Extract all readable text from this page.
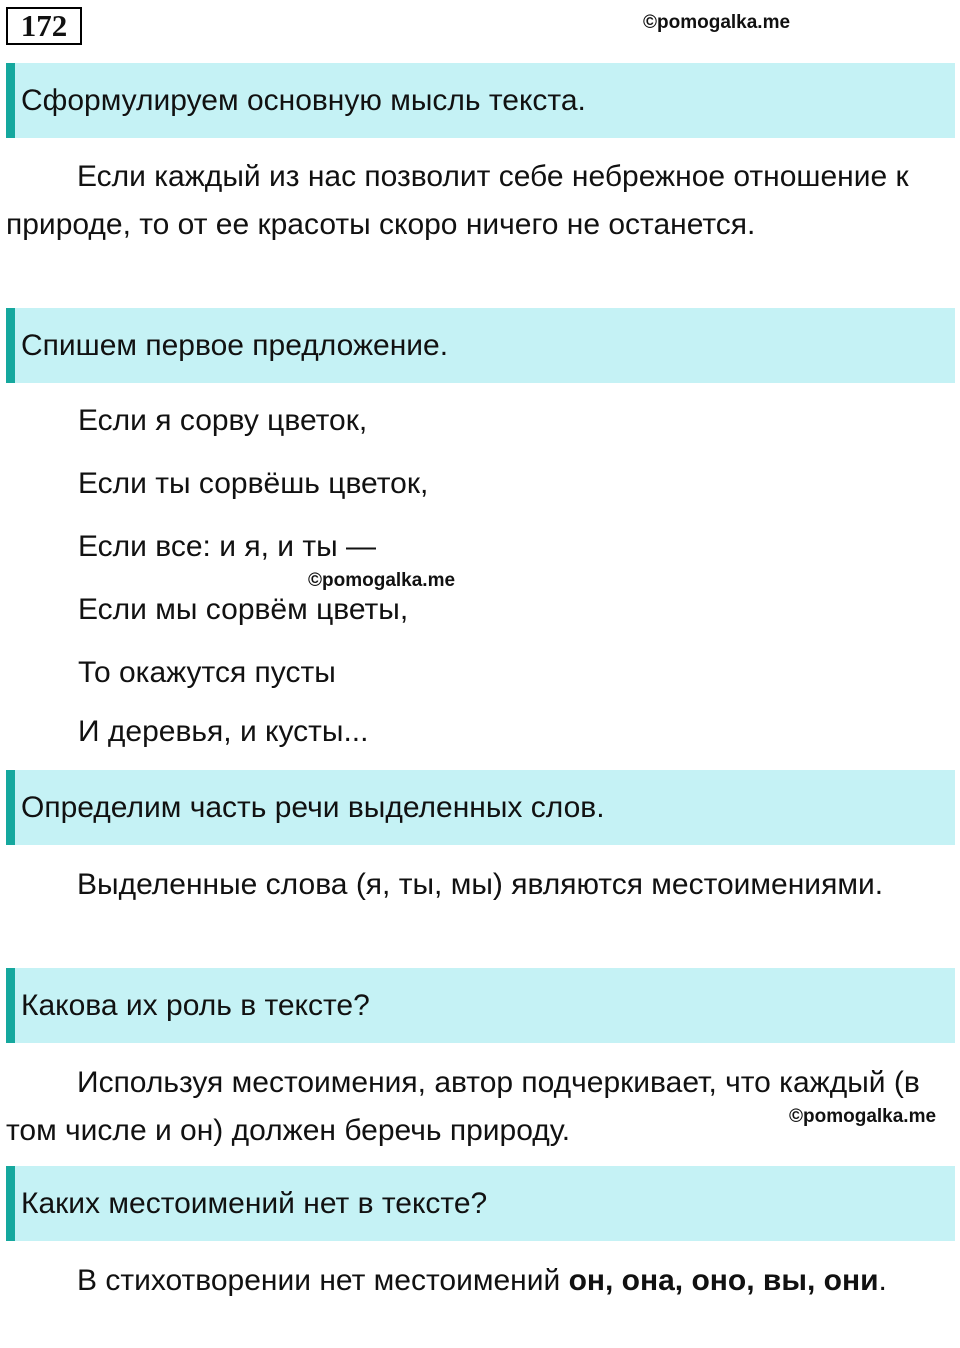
172	©pomogalka.me
Сформулируем основную мысль текста.

Если каждый из нас позволит себе небрежное отношение к природе, то от ее красоты скоро ничего не останется.

Спишем первое предложение.
Если я сорву цветок,
Если ты сорвёшь цветок,
Если все: и я, и ты —
©pomogalka.me
Если мы сорвём цветы,
То окажутся пусты
И деревья, и кусты...
Определим часть речи выделенных слов.

Выделенные слова (я, ты, мы) являются местоимениями.

Какова их роль в тексте?

Используя местоимения, автор подчеркивает, что каждый (в том числе и он) должен беречь природу.	©pomogalka.me
Каких местоимений нет в тексте?

В стихотворении нет местоимений он, она, оно, вы, они.
